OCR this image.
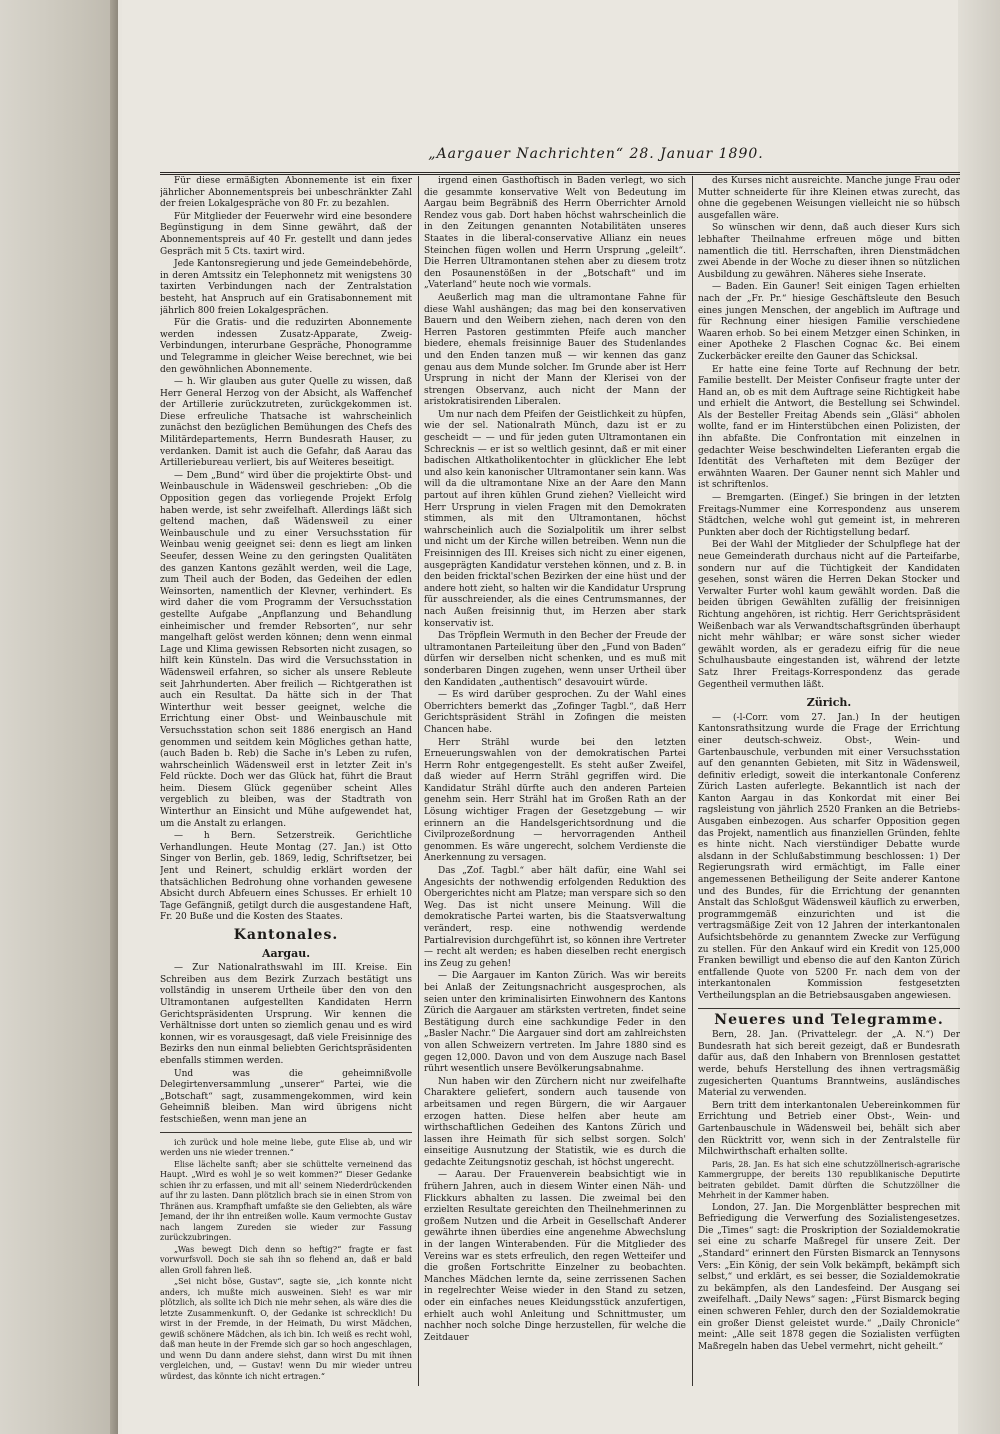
„Aargauer Nachrichten“ 28. Januar 1890.

Für diese ermäßigten Abonnemente ist ein fixer jährlicher Abonnementspreis bei unbeschränkter Zahl der freien Lokalgespräche von 80 Fr. zu bezahlen.

Für Mitglieder der Feuerwehr wird eine besondere Begünstigung in dem Sinne gewährt, daß der Abonnementspreis auf 40 Fr. gestellt und dann jedes Gespräch mit 5 Cts. taxirt wird.

Jede Kantonsregierung und jede Gemeindebehörde, in deren Amtssitz ein Telephonnetz mit wenigstens 30 taxirten Verbindungen nach der Zentralstation besteht, hat Anspruch auf ein Gratisabonnement mit jährlich 800 freien Lokalgesprächen.

Für die Gratis- und die reduzirten Abonnemente werden indessen Zusatz-Apparate, Zweig-Verbindungen, interurbane Gespräche, Phonogramme und Telegramme in gleicher Weise berechnet, wie bei den gewöhnlichen Abonnemente.

— h. Wir glauben aus guter Quelle zu wissen, daß Herr General Herzog von der Absicht, als Waffenchef der Artillerie zurückzutreten, zurückgekommen ist. Diese erfreuliche Thatsache ist wahrscheinlich zunächst den bezüglichen Bemühungen des Chefs des Militärdepartements, Herrn Bundesrath Hauser, zu verdanken. Damit ist auch die Gefahr, daß Aarau das Artilleriebureau verliert, bis auf Weiteres beseitigt.

— Dem „Bund“ wird über die projektirte Obst- und Weinbauschule in Wädensweil geschrieben: „Ob die Opposition gegen das vorliegende Projekt Erfolg haben werde, ist sehr zweifelhaft. Allerdings läßt sich geltend machen, daß Wädensweil zu einer Weinbauschule und zu einer Versuchsstation für Weinbau wenig geeignet sei: denn es liegt am linken Seeufer, dessen Weine zu den geringsten Qualitäten des ganzen Kantons gezählt werden, weil die Lage, zum Theil auch der Boden, das Gedeihen der edlen Weinsorten, namentlich der Klevner, verhindert. Es wird daher die vom Programm der Versuchsstation gestellte Aufgabe „Anpflanzung und Behandlung einheimischer und fremder Rebsorten“, nur sehr mangelhaft gelöst werden können; denn wenn einmal Lage und Klima gewissen Rebsorten nicht zusagen, so hilft kein Künsteln. Das wird die Versuchsstation in Wädensweil erfahren, so sicher als unsere Rebleute seit Jahrhunderten. Aber freilich — Richtgerathen ist auch ein Resultat. Da hätte sich in der That Winterthur weit besser geeignet, welche die Errichtung einer Obst- und Weinbauschule mit Versuchsstation schon seit 1886 energisch an Hand genommen und seitdem kein Mögliches gethan hatte, (auch Baden b. Reb) die Sache in's Leben zu rufen, wahrscheinlich Wädensweil erst in letzter Zeit in's Feld rückte. Doch wer das Glück hat, führt die Braut heim. Diesem Glück gegenüber scheint Alles vergeblich zu bleiben, was der Stadtrath von Winterthur an Einsicht und Mühe aufgewendet hat, um die Anstalt zu erlangen.

— h Bern. Setzerstreik. Gerichtliche Verhandlungen. Heute Montag (27. Jan.) ist Otto Singer von Berlin, geb. 1869, ledig, Schriftsetzer, bei Jent und Reinert, schuldig erklärt worden der thatsächlichen Bedrohung ohne vorhanden gewesene Absicht durch Abfeuern eines Schusses. Er erhielt 10 Tage Gefängniß, getilgt durch die ausgestandene Haft, Fr. 20 Buße und die Kosten des Staates.

Kantonales.
Aargau.

— Zur Nationalrathswahl im III. Kreise. Ein Schreiben aus dem Bezirk Zurzach bestätigt uns vollständig in unserem Urtheile über den von den Ultramontanen aufgestellten Kandidaten Herrn Gerichtspräsidenten Ursprung. Wir kennen die Verhältnisse dort unten so ziemlich genau und es wird konnen, wir es vorausgesagt, daß viele Freisinnige des Bezirks den nun einmal beliebten Gerichtspräsidenten ebenfalls stimmen werden.

Und was die geheimnißvolle Delegirtenversammlung „unserer“ Partei, wie die „Botschaft“ sagt, zusammengekommen, wird kein Geheimniß bleiben. Man wird übrigens nicht festschießen, wenn man jene an

ich zurück und hole meine liebe, gute Elise ab, und wir werden uns nie wieder trennen.“

Elise lächelte sanft; aber sie schüttelte verneinend das Haupt. „Wird es wohl je so weit kommen?“ Dieser Gedanke schien ihr zu erfassen, und mit all' seinem Niederdrückenden auf ihr zu lasten. Dann plötzlich brach sie in einen Strom von Thränen aus. Krampfhaft umfaßte sie den Geliebten, als wäre Jemand, der ihr ihn entreißen wolle. Kaum vermochte Gustav nach langem Zureden sie wieder zur Fassung zurückzubringen.

„Was bewegt Dich denn so heftig?“ fragte er fast vorwurfsvoll. Doch sie sah ihn so flehend an, daß er bald allen Groll fahren ließ.

„Sei nicht böse, Gustav“, sagte sie, „ich konnte nicht anders, ich mußte mich ausweinen. Sieh! es war mir plötzlich, als sollte ich Dich nie mehr sehen, als wäre dies die letzte Zusammenkunft. O, der Gedanke ist schrecklich! Du wirst in der Fremde, in der Heimath, Du wirst Mädchen, gewiß schönere Mädchen, als ich bin. Ich weiß es recht wohl, daß man heute in der Fremde sich gar so hoch angeschlagen, und wenn Du dann andere siehst, dann wirst Du mit ihnen vergleichen, und, — Gustav! wenn Du mir wieder untreu würdest, das könnte ich nicht ertragen.“

irgend einen Gasthoftisch in Baden verlegt, wo sich die gesammte konservative Welt von Bedeutung im Aargau beim Begräbniß des Herrn Oberrichter Arnold Rendez vous gab. Dort haben höchst wahrscheinlich die in den Zeitungen genannten Notabilitäten unseres Staates in die liberal-conservative Allianz ein neues Steinchen fügen wollen und Herrn Ursprung „geleilt“. Die Herren Ultramontanen stehen aber zu diesem trotz den Posaunenstößen in der „Botschaft“ und im „Vaterland“ heute noch wie vormals.

Aeußerlich mag man die ultramontane Fahne für diese Wahl aushängen; das mag bei den konservativen Bauern und den Weibern ziehen, nach deren von den Herren Pastoren gestimmten Pfeife auch mancher biedere, ehemals freisinnige Bauer des Studenlandes und den Enden tanzen muß — wir kennen das ganz genau aus dem Munde solcher. Im Grunde aber ist Herr Ursprung in nicht der Mann der Klerisei von der strengen Observanz, auch nicht der Mann der aristokratisirenden Liberalen.

Um nur nach dem Pfeifen der Geistlichkeit zu hüpfen, wie der sel. Nationalrath Münch, dazu ist er zu gescheidt — — und für jeden guten Ultramontanen ein Schrecknis — er ist so weltlich gesinnt, daß er mit einer badischen Altkatholikentochter in glücklicher Ehe lebt und also kein kanonischer Ultramontaner sein kann. Was will da die ultramontane Nixe an der Aare den Mann partout auf ihren kühlen Grund ziehen? Vielleicht wird Herr Ursprung in vielen Fragen mit den Demokraten stimmen, als mit den Ultramontanen, höchst wahrscheinlich auch die Sozialpolitik um ihrer selbst und nicht um der Kirche willen betreiben. Wenn nun die Freisinnigen des III. Kreises sich nicht zu einer eigenen, ausgeprägten Kandidatur verstehen können, und z. B. in den beiden fricktal'schen Bezirken der eine hüst und der andere hott zieht, so halten wir die Kandidatur Ursprung für ausschreiender, als die eines Centrumsmannes, der nach Außen freisinnig thut, im Herzen aber stark konservativ ist.

Das Tröpflein Wermuth in den Becher der Freude der ultramontanen Parteileitung über den „Fund von Baden“ dürfen wir derselben nicht schenken, und es muß mit sonderbaren Dingen zugehen, wenn unser Urtheil über den Kandidaten „authentisch“ desavouirt würde.

— Es wird darüber gesprochen. Zu der Wahl eines Oberrichters bemerkt das „Zofinger Tagbl.“, daß Herr Gerichtspräsident Strähl in Zofingen die meisten Chancen habe.

Herr Strähl wurde bei den letzten Erneuerungswahlen von der demokratischen Partei Herrn Rohr entgegengestellt. Es steht außer Zweifel, daß wieder auf Herrn Strähl gegriffen wird. Die Kandidatur Strähl dürfte auch den anderen Parteien genehm sein. Herr Strähl hat im Großen Rath an der Lösung wichtiger Fragen der Gesetzgebung — wir erinnern an die Handelsgerichtsordnung und die Civilprozeßordnung — hervorragenden Antheil genommen. Es wäre ungerecht, solchem Verdienste die Anerkennung zu versagen.

Das „Zof. Tagbl.“ aber hält dafür, eine Wahl sei Angesichts der nothwendig erfolgenden Reduktion des Obergerichtes nicht am Platze; man verspare sich so den Weg. Das ist nicht unsere Meinung. Will die demokratische Partei warten, bis die Staatsverwaltung verändert, resp. eine nothwendig werdende Partialrevision durchgeführt ist, so können ihre Vertreter — recht alt werden; es haben dieselben recht energisch ins Zeug zu gehen!

— Die Aargauer im Kanton Zürich. Was wir bereits bei Anlaß der Zeitungsnachricht ausgesprochen, als seien unter den kriminalisirten Einwohnern des Kantons Zürich die Aargauer am stärksten vertreten, findet seine Bestätigung durch eine sachkundige Feder in den „Basler Nachr.“ Die Aargauer sind dort am zahlreichsten von allen Schweizern vertreten. Im Jahre 1880 sind es gegen 12,000. Davon und von dem Auszuge nach Basel rührt wesentlich unsere Bevölkerungsabnahme.

Nun haben wir den Zürchern nicht nur zweifelhafte Charaktere geliefert, sondern auch tausende von arbeitsamen und regen Bürgern, die wir Aargauer erzogen hatten. Diese helfen aber heute am wirthschaftlichen Gedeihen des Kantons Zürich und lassen ihre Heimath für sich selbst sorgen. Solch' einseitige Ausnutzung der Statistik, wie es durch die gedachte Zeitungsnotiz geschah, ist höchst ungerecht.

— Aarau. Der Frauenverein beabsichtigt wie in frühern Jahren, auch in diesem Winter einen Näh- und Flickkurs abhalten zu lassen. Die zweimal bei den erzielten Resultate gereichten den Theilnehmerinnen zu großem Nutzen und die Arbeit in Gesellschaft Anderer gewährte ihnen überdies eine angenehme Abwechslung in der langen Winterabenden. Für die Mitglieder des Vereins war es stets erfreulich, den regen Wetteifer und die großen Fortschritte Einzelner zu beobachten. Manches Mädchen lernte da, seine zerrissenen Sachen in regelrechter Weise wieder in den Stand zu setzen, oder ein einfaches neues Kleidungsstück anzufertigen, erhielt auch wohl Anleitung und Schnittmuster, um nachher noch solche Dinge herzustellen, für welche die Zeitdauer

des Kurses nicht ausreichte. Manche junge Frau oder Mutter schneiderte für ihre Kleinen etwas zurecht, das ohne die gegebenen Weisungen vielleicht nie so hübsch ausgefallen wäre.

So wünschen wir denn, daß auch dieser Kurs sich lebhafter Theilnahme erfreuen möge und bitten namentlich die titl. Herrschaften, ihren Dienstmädchen zwei Abende in der Woche zu dieser ihnen so nützlichen Ausbildung zu gewähren. Näheres siehe Inserate.

— Baden. Ein Gauner! Seit einigen Tagen erhielten nach der „Fr. Pr.“ hiesige Geschäftsleute den Besuch eines jungen Menschen, der angeblich im Auftrage und für Rechnung einer hiesigen Familie verschiedene Waaren erhob. So bei einem Metzger einen Schinken, in einer Apotheke 2 Flaschen Cognac &c. Bei einem Zuckerbäcker ereilte den Gauner das Schicksal.

Er hatte eine feine Torte auf Rechnung der betr. Familie bestellt. Der Meister Confiseur fragte unter der Hand an, ob es mit dem Auftrage seine Richtigkeit habe und erhielt die Antwort, die Bestellung sei Schwindel. Als der Besteller Freitag Abends sein „Gläsi“ abholen wollte, fand er im Hinterstübchen einen Polizisten, der ihn abfaßte. Die Confrontation mit einzelnen in gedachter Weise beschwindelten Lieferanten ergab die Identität des Verhafteten mit dem Bezüger der erwähnten Waaren. Der Gauner nennt sich Mahler und ist schriftenlos.

— Bremgarten. (Eingef.) Sie bringen in der letzten Freitags-Nummer eine Korrespondenz aus unserem Städtchen, welche wohl gut gemeint ist, in mehreren Punkten aber doch der Richtigstellung bedarf.

Bei der Wahl der Mitglieder der Schulpflege hat der neue Gemeinderath durchaus nicht auf die Parteifarbe, sondern nur auf die Tüchtigkeit der Kandidaten gesehen, sonst wären die Herren Dekan Stocker und Verwalter Furter wohl kaum gewählt worden. Daß die beiden übrigen Gewählten zufällig der freisinnigen Richtung angehören, ist richtig. Herr Gerichtspräsident Weißenbach war als Verwandtschaftsgründen überhaupt nicht mehr wählbar; er wäre sonst sicher wieder gewählt worden, als er geradezu eifrig für die neue Schulhausbaute eingestanden ist, während der letzte Satz Ihrer Freitags-Korrespondenz das gerade Gegentheil vermuthen läßt.

Zürich.

— (-l-Corr. vom 27. Jan.) In der heutigen Kantonsrathsitzung wurde die Frage der Errichtung einer deutsch-schweiz. Obst-, Wein- und Gartenbauschule, verbunden mit einer Versuchsstation auf den genannten Gebieten, mit Sitz in Wädensweil, definitiv erledigt, soweit die interkantonale Conferenz Zürich Lasten auferlegte. Bekanntlich ist nach der Kanton Aargau in das Konkordat mit einer Bei ragsleistung von jährlich 2520 Franken an die Betriebs-Ausgaben einbezogen. Aus scharfer Opposition gegen das Projekt, namentlich aus finanziellen Gründen, fehlte es hinte nicht. Nach vierstündiger Debatte wurde alsdann in der Schlußabstimmung beschlossen: 1) Der Regierungsrath wird ermächtigt, im Falle einer angemessenen Betheiligung der Seite anderer Kantone und des Bundes, für die Errichtung der genannten Anstalt das Schloßgut Wädensweil käuflich zu erwerben, programmgemäß einzurichten und ist die vertragsmäßige Zeit von 12 Jahren der interkantonalen Aufsichtsbehörde zu genanntem Zwecke zur Verfügung zu stellen. Für den Ankauf wird ein Kredit von 125,000 Franken bewilligt und ebenso die auf den Kanton Zürich entfallende Quote von 5200 Fr. nach dem von der interkantonalen Kommission festgesetzten Vertheilungsplan an die Betriebsausgaben angewiesen.

Neueres und Telegramme.

Bern, 28. Jan. (Privattelegr. der „A. N.“) Der Bundesrath hat sich bereit gezeigt, daß er Bundesrath dafür aus, daß den Inhabern von Brennlosen gestattet werde, behufs Herstellung des ihnen vertragsmäßig zugesicherten Quantums Branntweins, ausländisches Material zu verwenden.

Bern tritt dem interkantonalen Uebereinkommen für Errichtung und Betrieb einer Obst-, Wein- und Gartenbauschule in Wädensweil bei, behält sich aber den Rücktritt vor, wenn sich in der Zentralstelle für Milchwirthschaft erhalten sollte.

Paris, 28. Jan. Es hat sich eine schutzzöllnerisch-agrarische Kammergruppe, der bereits 130 republikanische Deputirte beitraten gebildet. Damit dürften die Schutzzöllner die Mehrheit in der Kammer haben.

London, 27. Jan. Die Morgenblätter besprechen mit Befriedigung die Verwerfung des Sozialistengesetzes. Die „Times“ sagt: die Proskription der Sozialdemokratie sei eine zu scharfe Maßregel für unsere Zeit. Der „Standard“ erinnert den Fürsten Bismarck an Tennysons Vers: „Ein König, der sein Volk bekämpft, bekämpft sich selbst,“ und erklärt, es sei besser, die Sozialdemokratie zu bekämpfen, als den Landesfeind. Der Ausgang sei zweifelhaft. „Daily News“ sagen: „Fürst Bismarck beging einen schweren Fehler, durch den der Sozialdemokratie ein großer Dienst geleistet wurde.“ „Daily Chronicle“ meint: „Alle seit 1878 gegen die Sozialisten verfügten Maßregeln haben das Uebel vermehrt, nicht geheilt.“
